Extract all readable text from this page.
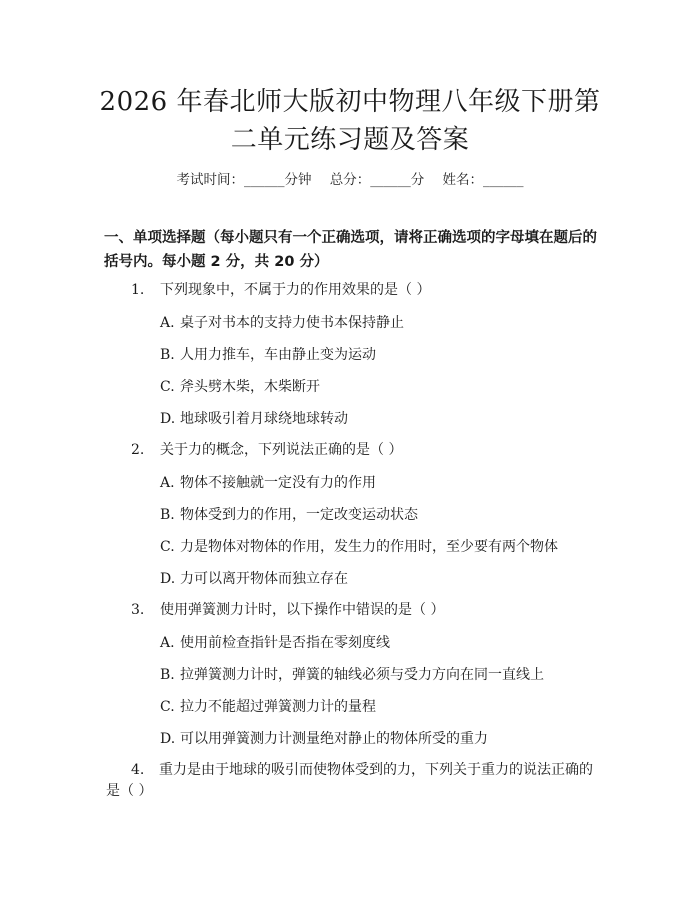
2026 年春北师大版初中物理八年级下册第二单元练习题及答案
考试时间：______分钟 总分：______分 姓名：______
一、单项选择题（每小题只有一个正确选项，请将正确选项的字母填在题后的括号内。每小题 2 分，共 20 分）
1.	下列现象中，不属于力的作用效果的是（ ）
A. 桌子对书本的支持力使书本保持静止
B. 人用力推车，车由静止变为运动
C. 斧头劈木柴，木柴断开
D. 地球吸引着月球绕地球转动
2.	关于力的概念，下列说法正确的是（ ）
A. 物体不接触就一定没有力的作用
B. 物体受到力的作用，一定改变运动状态
C. 力是物体对物体的作用，发生力的作用时，至少要有两个物体
D. 力可以离开物体而独立存在
3.	使用弹簧测力计时，以下操作中错误的是（ ）
A. 使用前检查指针是否指在零刻度线
B. 拉弹簧测力计时，弹簧的轴线必须与受力方向在同一直线上
C. 拉力不能超过弹簧测力计的量程
D. 可以用弹簧测力计测量绝对静止的物体所受的重力
4. 重力是由于地球的吸引而使物体受到的力，下列关于重力的说法正确的是（ ）
